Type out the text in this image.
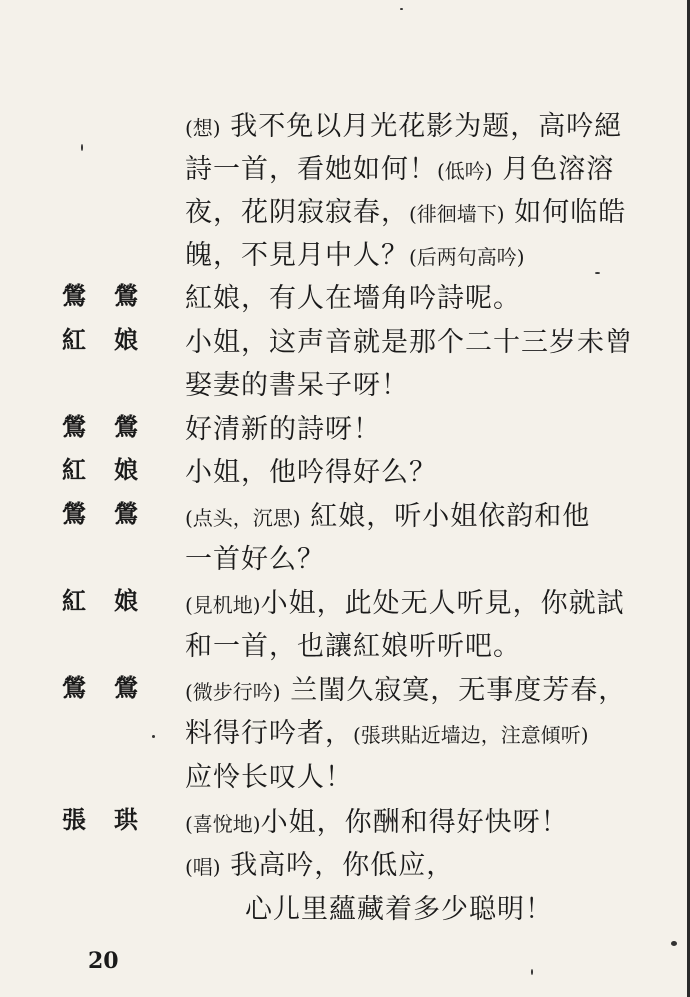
(想) 我不免以月光花影为题，高吟絕
詩一首，看她如何！(低吟) 月色溶溶
夜，花阴寂寂春，(徘徊墙下) 如何临皓
魄，不見月中人？(后两句高吟)
鶯鶯 紅娘，有人在墻角吟詩呢。
紅娘 小姐，这声音就是那个二十三岁未曾
娶妻的書呆子呀！
鶯鶯 好清新的詩呀！
紅娘 小姐，他吟得好么？
鶯鶯 (点头，沉思) 紅娘，听小姐依韵和他
一首好么？
紅娘 (見机地)小姐，此处无人听見，你就試
和一首，也讓紅娘听听吧。
鶯鶯 (微步行吟) 兰閨久寂寞，无事度芳春，
料得行吟者，(張珙貼近墙边，注意傾听)
应怜长叹人！
張珙 (喜悅地)小姐，你酬和得好快呀！
(唱) 我高吟，你低应，
心儿里蘊藏着多少聪明！
20
